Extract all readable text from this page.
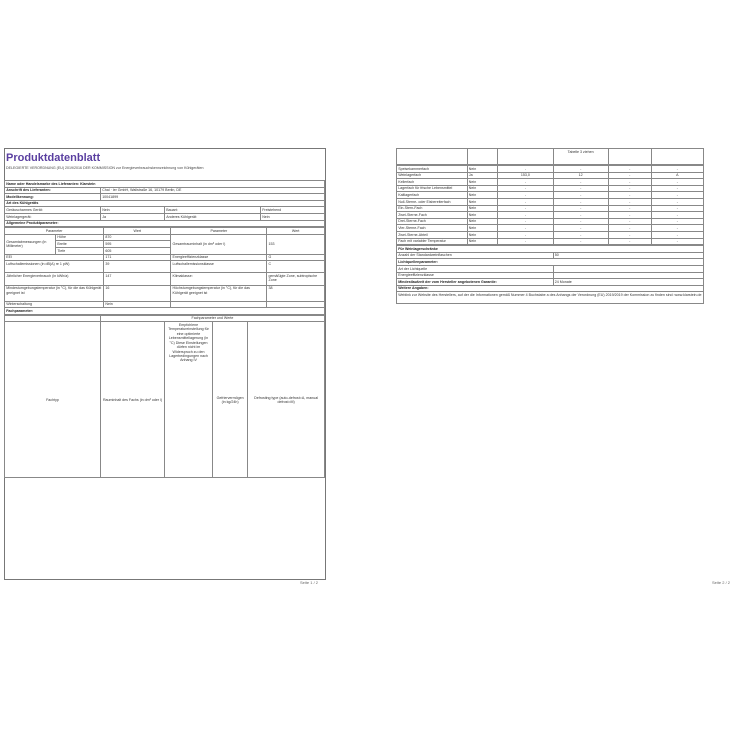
Produktdatenblatt
DELEGIERTE VERORDNUNG (EU) 2019/2016 DER KOMMISSION zur Energieverbrauchskennzeichnung von Kühlgeräten
Name oder Handelsmarke des Lieferanten: Klarstein			
Anschrift des Lieferanten:	Chal · ler GmbH, Wallstraße 16, 10179 Berlin, DE		
Modellkennung:	10041899		
Art des Kühlgeräts			
Geräuscharmes Gerät:	Nein	Bauart:	Freistehend
Weinlagergerät:	Ja	Anderes Kühlgerät:	Nein
Allgemeine Produktparameter:			
Parameter		Wert	Parameter	Wert
Gesamtabmessungen (in Millimeter)	Höhe	870	Gesamtrauminhalt (in dm³ oder l)	153
	Breite	595		
	Tiefe	605		
EEI		171	Energieeffizienzklasse	G
Luftschallemissionen (in dB(A) re 1 pW)		39	Luftschallemissionsklasse	C
Jährlicher Energieverbrauch (in kWh/a)		147	Klimaklasse:	gemäßigte Zone, subtropische Zone
Mindestumgebungstemperatur (in °C), für die das Kühlgerät geeignet ist		16	Höchstumgebungstemperatur (in °C), für die das Kühlgerät geeignet ist	38
Winterschaltung		Nein		
Fachparameter:				
	Fachparameter und Werte			
Fachtyp	Rauminhalt des Fachs (in dm³ oder l)	Empfohlene Temperatureinstellung für eine optimierte Lebensmittellagerung (in °C) Diese Einstellungen dürfen nicht im Widerspruch zu den Lagerbedingungen nach Anhang IV	Gefriervermögen (in kg/24h)	Defrosting type (auto-defrost=A, manual defrost=M)
Seite 1 / 2
			Tabelle 3 ziehen		
Speisekammerfach	Nein	-	-	-	-
Weinlagerfach	Ja	153,0	12	-	A
Kellerfach	Nein	-	-	-	-
Lagerfach für frische Lebensmittel	Nein	-	-	-	-
Kaltlagerfach	Nein	-	-	-	-
Null-Sterne- oder Eisbereiterfach	Nein	-	-	-	-
Ein-Stern-Fach	Nein	-	-	-	-
Zwei-Sterne-Fach	Nein	-	-	-	-
Drei-Sterne-Fach	Nein	-	-	-	-
Vier-Sterne-Fach	Nein	-	-	-	-
Zwei-Sterne-Abteil	Nein	-	-	-	-
Fach mit variabler Temperatur	Nein	-	-	-	-
Für Weinlagerschränke	
Anzahl der Standardweinflaschen	50
Lichtquellenparameter:	
Art der Lichtquelle	
Energieeffizienzklasse	
Mindestlaufzeit der vom Hersteller angebotenen Garantie:	24 Monate
Weitere Angaben:	
Weblink zur Website des Herstellers, auf der die Informationen gemäß Nummer 4 Buchstabe a des Anhangs der Verordnung (EU) 2019/2019 der Kommission zu finden sind: www.klarstein.de	
Seite 2 / 2
